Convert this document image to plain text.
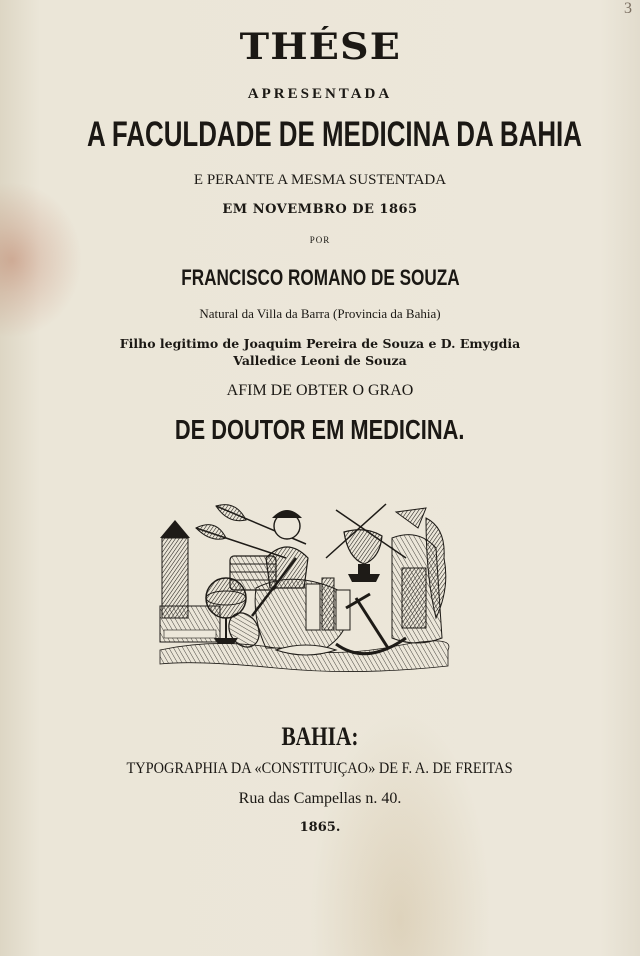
3
THÉSE
APRESENTADA
A FACULDADE DE MEDICINA DA BAHIA
E PERANTE A MESMA SUSTENTADA
EM NOVEMBRO DE 1865
POR
FRANCISCO ROMANO DE SOUZA
Natural da Villa da Barra (Provincia da Bahia)
Filho legitimo de Joaquim Pereira de Souza e D. Emygdia
Valledice Leoni de Souza
AFIM DE OBTER O GRAO
DE DOUTOR EM MEDICINA.
BAHIA:
TYPOGRAPHIA DA «CONSTITUIÇAO» DE F. A. DE FREITAS
Rua das Campellas n. 40.
1865.
